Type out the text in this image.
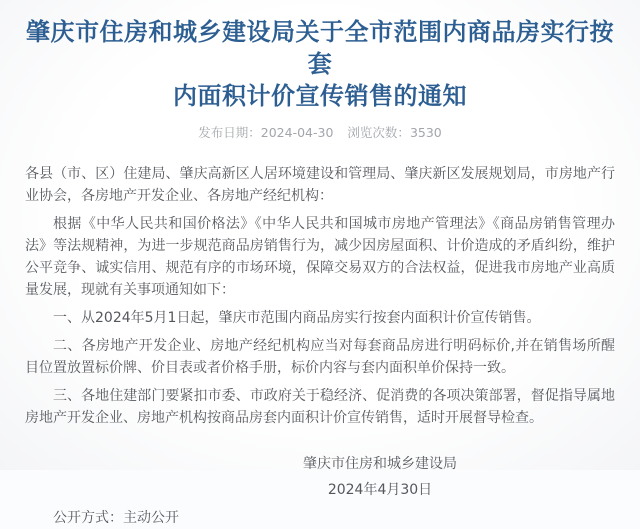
肇庆市住房和城乡建设局关于全市范围内商品房实行按套
内面积计价宣传销售的通知
发布日期：2024-04-30 浏览次数：3530

各县（市、区）住建局、肇庆高新区人居环境建设和管理局、肇庆新区发展规划局，市房地产行业协会，各房地产开发企业、各房地产经纪机构：

根据《中华人民共和国价格法》《中华人民共和国城市房地产管理法》《商品房销售管理办法》等法规精神，为进一步规范商品房销售行为，减少因房屋面积、计价造成的矛盾纠纷，维护公平竞争、诚实信用、规范有序的市场环境，保障交易双方的合法权益，促进我市房地产业高质量发展，现就有关事项通知如下：

一、从2024年5月1日起，肇庆市范围内商品房实行按套内面积计价宣传销售。

二、各房地产开发企业、房地产经纪机构应当对每套商品房进行明码标价,并在销售场所醒目位置放置标价牌、价目表或者价格手册，标价内容与套内面积单价保持一致。

三、各地住建部门要紧扣市委、市政府关于稳经济、促消费的各项决策部署，督促指导属地房地产开发企业、房地产机构按商品房套内面积计价宣传销售，适时开展督导检查。

肇庆市住房和城乡建设局
2024年4月30日

公开方式：主动公开
